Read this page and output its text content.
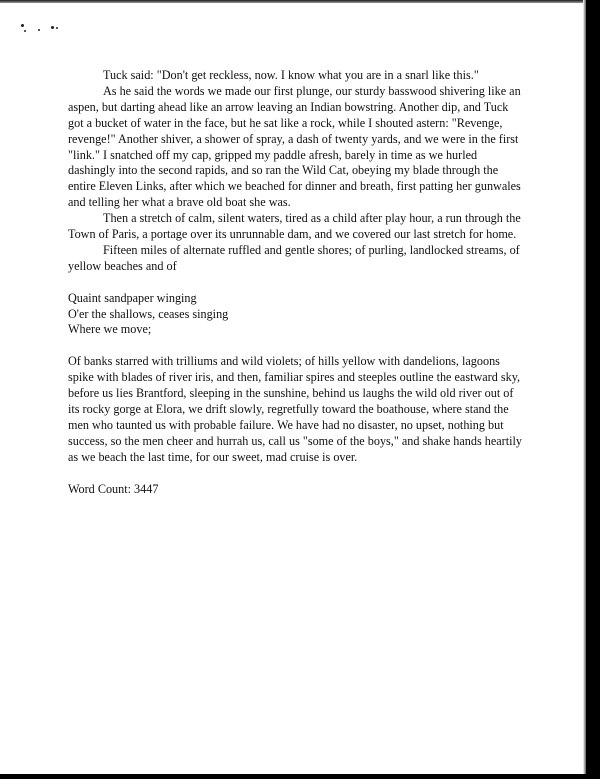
Tuck said: "Don't get reckless, now. I know what you are in a snarl like this."

As he said the words we made our first plunge, our sturdy basswood shivering like an aspen, but darting ahead like an arrow leaving an Indian bowstring. Another dip, and Tuck got a bucket of water in the face, but he sat like a rock, while I shouted astern: "Revenge, revenge!" Another shiver, a shower of spray, a dash of twenty yards, and we were in the first "link." I snatched off my cap, gripped my paddle afresh, barely in time as we hurled dashingly into the second rapids, and so ran the Wild Cat, obeying my blade through the entire Eleven Links, after which we beached for dinner and breath, first patting her gunwales and telling her what a brave old boat she was.

Then a stretch of calm, silent waters, tired as a child after play hour, a run through the Town of Paris, a portage over its unrunnable dam, and we covered our last stretch for home.

Fifteen miles of alternate ruffled and gentle shores; of purling, landlocked streams, of yellow beaches and of

Quaint sandpaper winging

O'er the shallows, ceases singing

Where we move;

Of banks starred with trilliums and wild violets; of hills yellow with dandelions, lagoons spike with blades of river iris, and then, familiar spires and steeples outline the eastward sky, before us lies Brantford, sleeping in the sunshine, behind us laughs the wild old river out of its rocky gorge at Elora, we drift slowly, regretfully toward the boathouse, where stand the men who taunted us with probable failure. We have had no disaster, no upset, nothing but success, so the men cheer and hurrah us, call us "some of the boys," and shake hands heartily as we beach the last time, for our sweet, mad cruise is over.

Word Count: 3447
